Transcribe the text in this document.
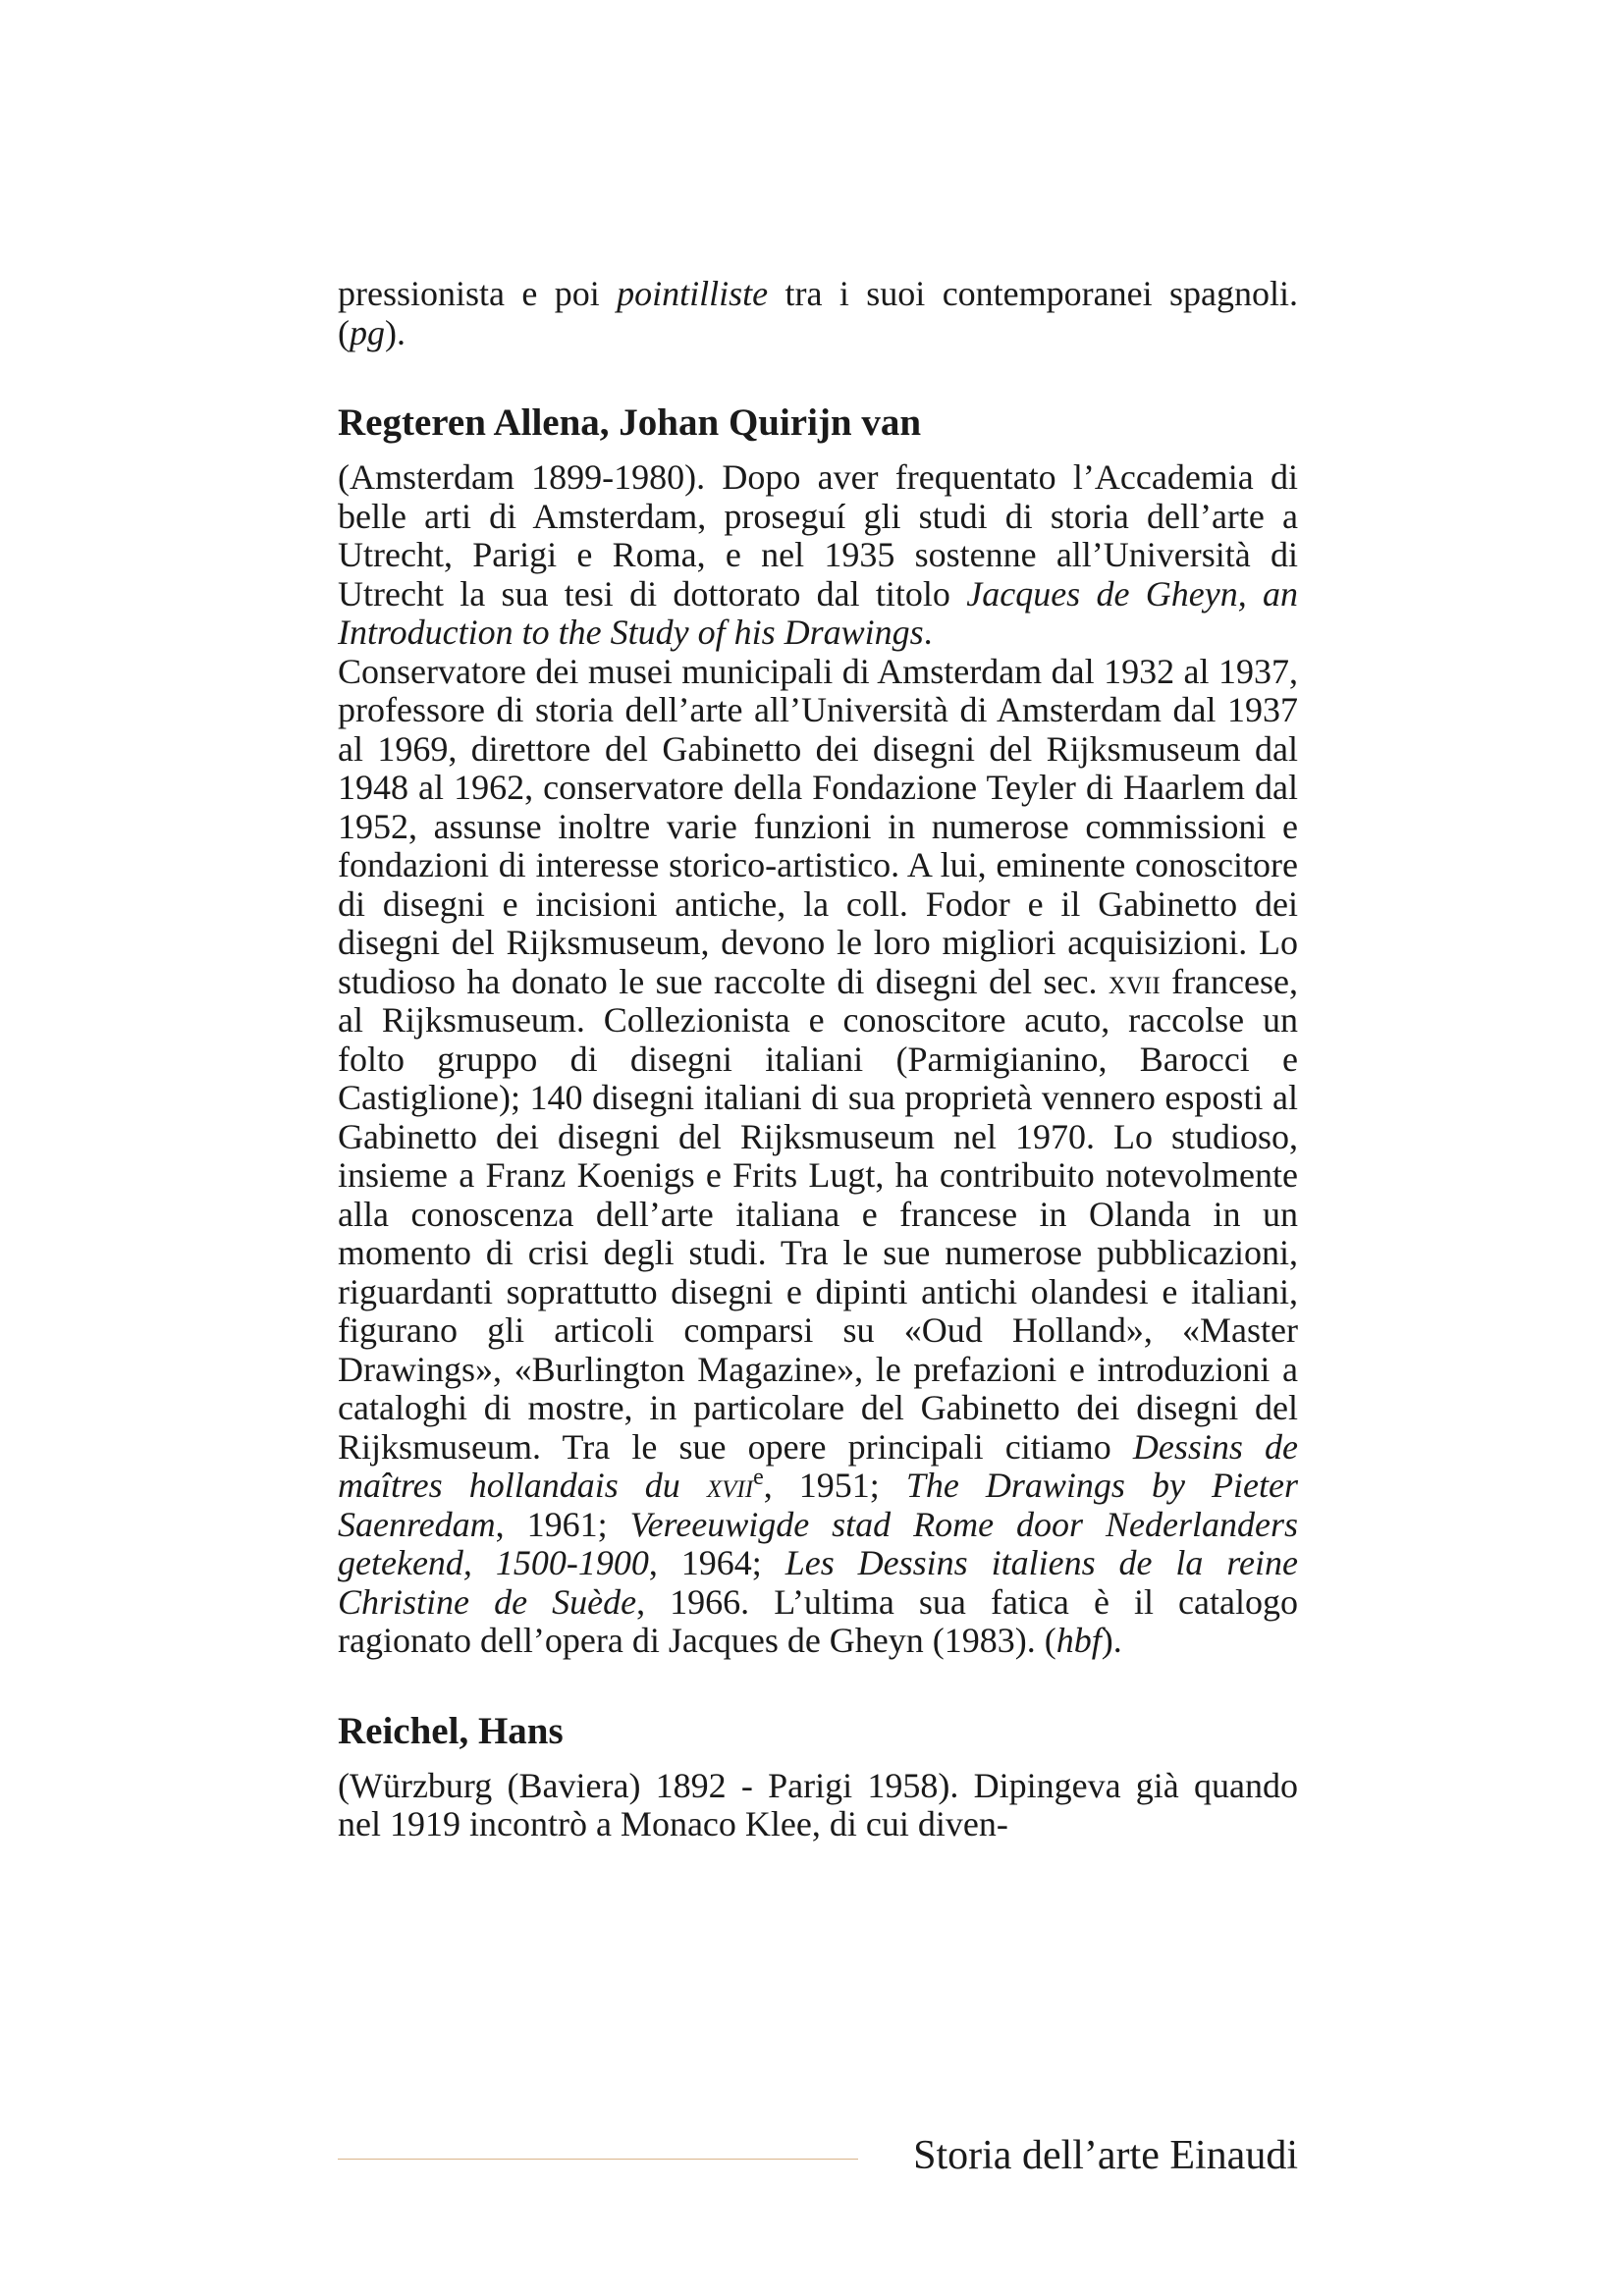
pressionista e poi pointilliste tra i suoi contemporanei spagnoli. (pg).

Regteren Allena, Johan Quirijn van

(Amsterdam 1899-1980). Dopo aver frequentato l’Accademia di belle arti di Amsterdam, proseguí gli studi di storia dell’arte a Utrecht, Parigi e Roma, e nel 1935 sostenne all’Università di Utrecht la sua tesi di dottorato dal titolo Jacques de Gheyn, an Introduction to the Study of his Drawings.

Conservatore dei musei municipali di Amsterdam dal 1932 al 1937, professore di storia dell’arte all’Università di Amsterdam dal 1937 al 1969, direttore del Gabinetto dei disegni del Rijksmuseum dal 1948 al 1962, conservatore della Fondazione Teyler di Haarlem dal 1952, assunse inoltre varie funzioni in numerose commissioni e fondazioni di interesse storico-artistico. A lui, eminente conoscitore di disegni e incisioni antiche, la coll. Fodor e il Gabinetto dei disegni del Rijksmuseum, devono le loro migliori acquisizioni. Lo studioso ha donato le sue raccolte di disegni del sec. xvii francese, al Rijksmuseum. Collezionista e conoscitore acuto, raccolse un folto gruppo di disegni italiani (Parmigianino, Barocci e Castiglione); 140 disegni italiani di sua proprietà vennero esposti al Gabinetto dei disegni del Rijksmuseum nel 1970. Lo studioso, insieme a Franz Koenigs e Frits Lugt, ha contribuito notevolmente alla conoscenza dell’arte italiana e francese in Olanda in un momento di crisi degli studi. Tra le sue numerose pubblicazioni, riguardanti soprattutto disegni e dipinti antichi olandesi e italiani, figurano gli articoli comparsi su «Oud Holland», «Master Drawings», «Burlington Magazine», le prefazioni e introduzioni a cataloghi di mostre, in particolare del Gabinetto dei disegni del Rijksmuseum. Tra le sue opere principali citiamo Dessins de maîtres hollandais du xvii$^e$, 1951; The Drawings by Pieter Saenredam, 1961; Vereeuwigde stad Rome door Nederlanders getekend, 1500-1900, 1964; Les Dessins italiens de la reine Christine de Suède, 1966. L’ultima sua fatica è il catalogo ragionato dell’opera di Jacques de Gheyn (1983). (hbf).

Reichel, Hans

(Würzburg (Baviera) 1892 - Parigi 1958). Dipingeva già quando nel 1919 incontrò a Monaco Klee, di cui diven-

Storia dell’arte Einaudi
